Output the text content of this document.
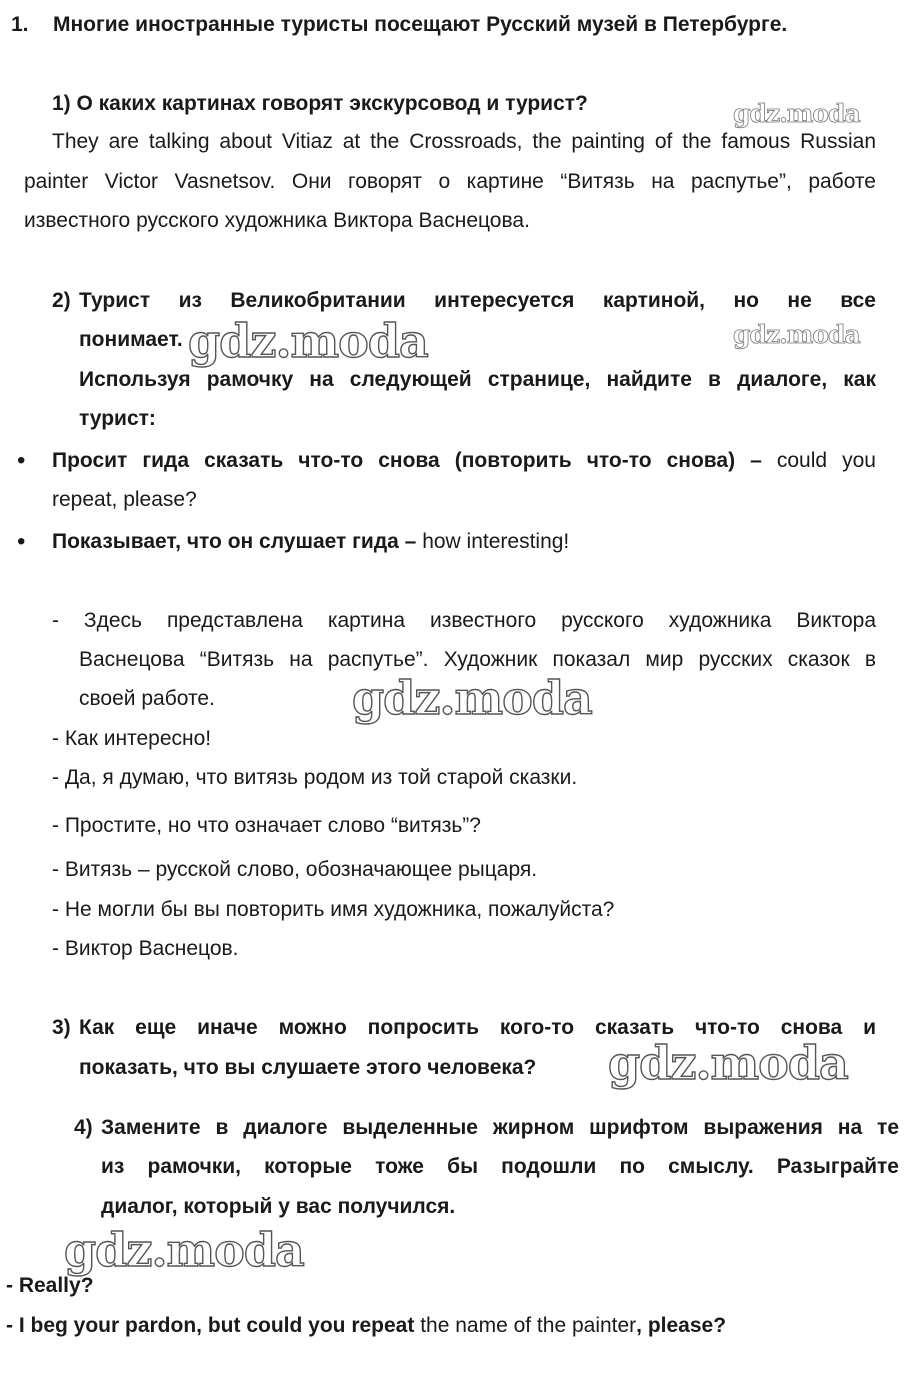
1. Многие иностранные туристы посещают Русский музей в Петербурге.
1) О каких картинах говорят экскурсовод и турист?	gdz.moda
They are talking about Vitiaz at the Crossroads, the painting of the famous Russian
painter Victor Vasnetsov. Они говорят о картине “Витязь на распутье”, работе
известного русского художника Виктора Васнецова.
2) Турист из Великобритании интересуется картиной, но не все
понимает. gdz.moda	gdz.moda
Используя рамочку на следующей странице, найдите в диалоге, как
турист:
• Просит гида сказать что-то снова (повторить что-то снова) – could you
repeat, please?
• Показывает, что он слушает гида – how interesting!
- Здесь представлена картина известного русского художника Виктора
Васнецова “Витязь на распутье”. Художник показал мир русских сказок в
своей работе.	gdz.moda
- Как интересно!
- Да, я думаю, что витязь родом из той старой сказки.
- Простите, но что означает слово “витязь”?
- Витязь – русской слово, обозначающее рыцаря.
- Не могли бы вы повторить имя художника, пожалуйста?
- Виктор Васнецов.
3) Как еще иначе можно попросить кого-то сказать что-то снова и
показать, что вы слушаете этого человека? gdz.moda
4) Замените в диалоге выделенные жирном шрифтом выражения на те
из рамочки, которые тоже бы подошли по смыслу. Разыграйте
диалог, который у вас получился.
gdz.moda
- Really?
- I beg your pardon, but could you repeat the name of the painter, please?
